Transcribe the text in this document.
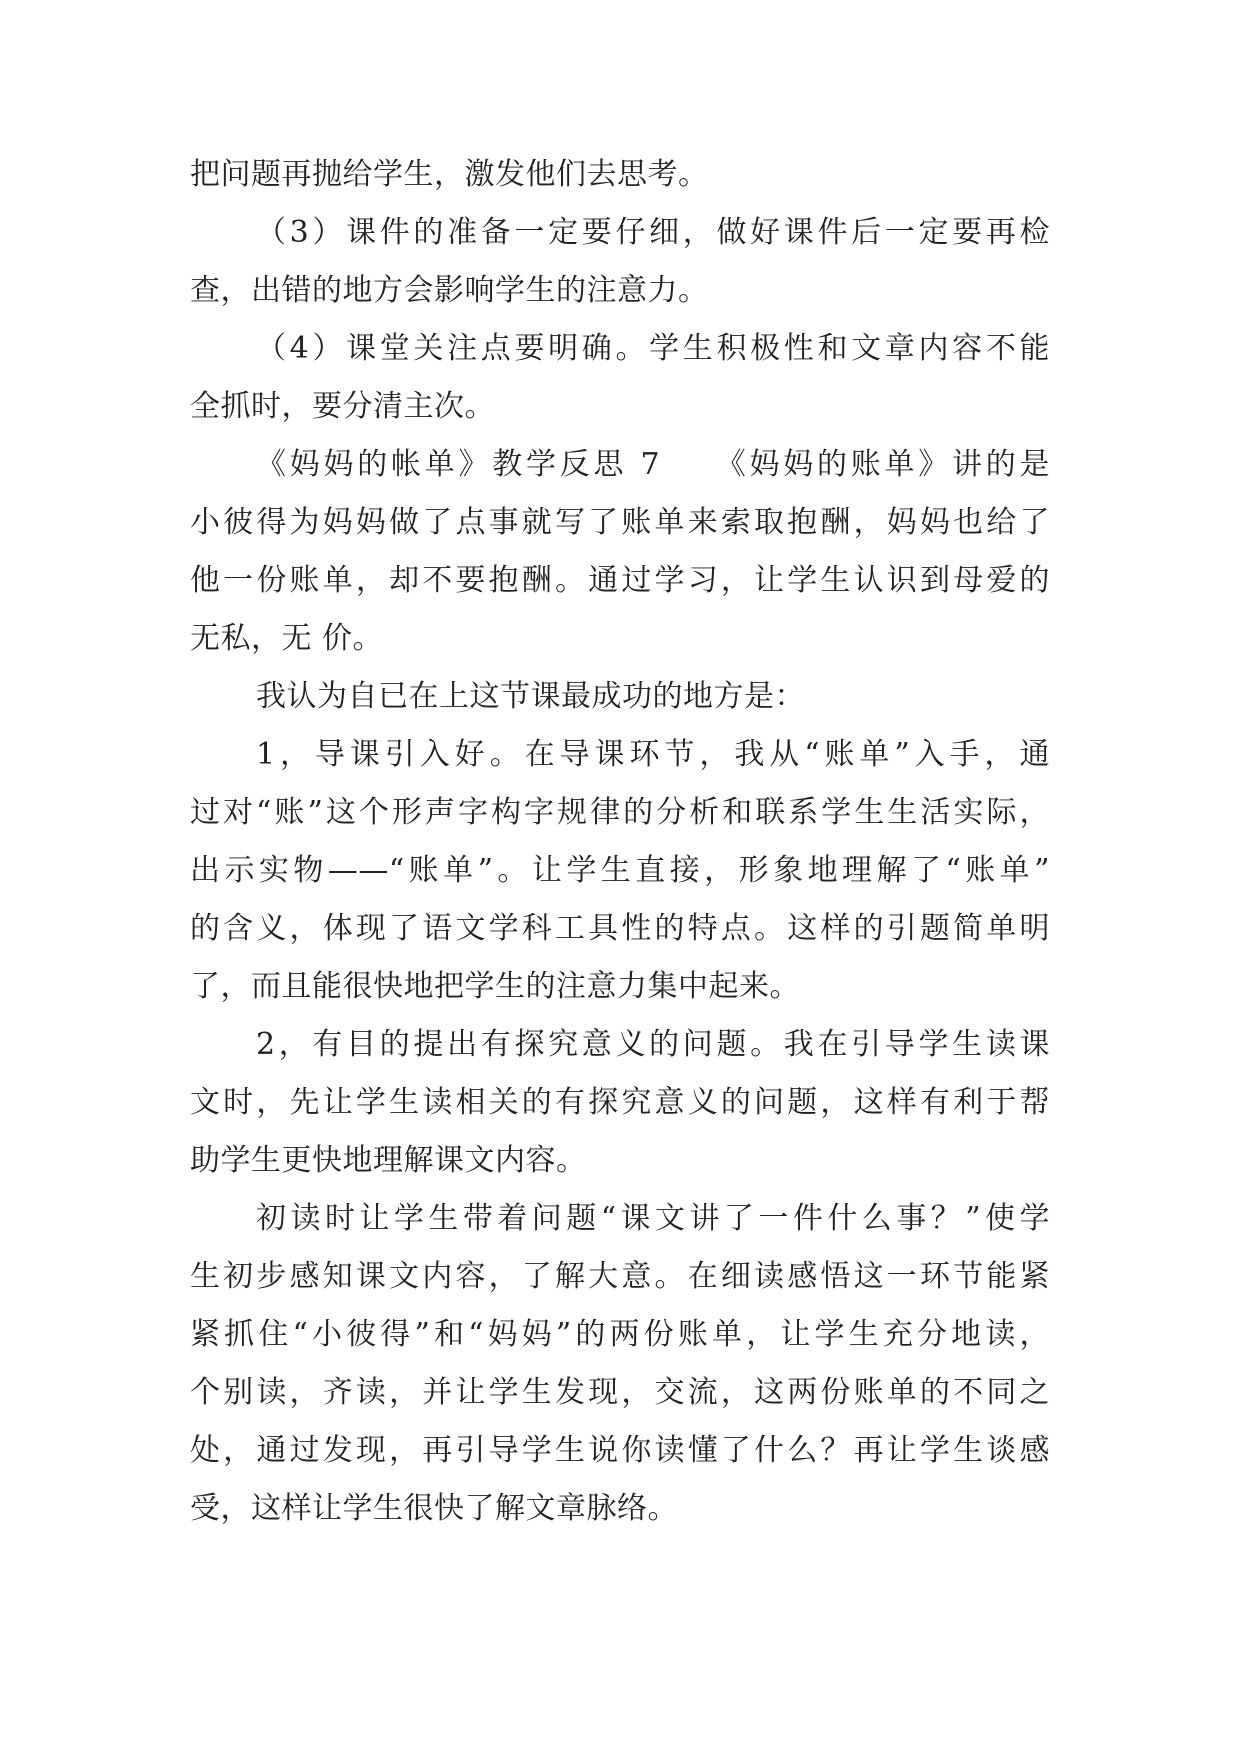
把问题再抛给学生，激发他们去思考。
（3）课件的准备一定要仔细，做好课件后一定要再检
查，出错的地方会影响学生的注意力。
（4）课堂关注点要明确。学生积极性和文章内容不能
全抓时，要分清主次。
《妈妈的帐单》教学反思 7　　《妈妈的账单》讲的是
小彼得为妈妈做了点事就写了账单来索取抱酬，妈妈也给了
他一份账单，却不要抱酬。通过学习，让学生认识到母爱的
无私，无 价。
我认为自已在上这节课最成功的地方是：
1，导课引入好。在导课环节，我从“账单”入手，通
过对“账”这个形声字构字规律的分析和联系学生生活实际，
出示实物——“账单”。让学生直接，形象地理解了“账单”
的含义，体现了语文学科工具性的特点。这样的引题简单明
了，而且能很快地把学生的注意力集中起来。
2，有目的提出有探究意义的问题。我在引导学生读课
文时，先让学生读相关的有探究意义的问题，这样有利于帮
助学生更快地理解课文内容。
初读时让学生带着问题“课文讲了一件什么事？”使学
生初步感知课文内容，了解大意。在细读感悟这一环节能紧
紧抓住“小彼得”和“妈妈”的两份账单，让学生充分地读，
个别读，齐读，并让学生发现，交流，这两份账单的不同之
处，通过发现，再引导学生说你读懂了什么？再让学生谈感
受，这样让学生很快了解文章脉络。
